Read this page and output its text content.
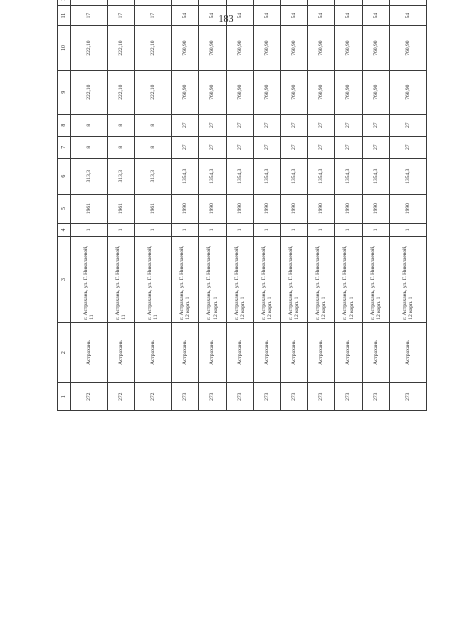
183
1	2	3	4	5	6	7	8	9	10	11			
272	Астрахань	г. Астрахань, ул. Г. Николаевой, 11	1	1961	313,3	8	8	222,10	222,10	17			
272	Астрахань	г. Астрахань, ул. Г. Николаевой, 11	1	1961	313,3	8	8	222,10	222,10	17			
272	Астрахань	г. Астрахань, ул. Г. Николаевой, 11	1	1961	313,3	8	8	222,10	222,10	17			
273	Астрахань	г. Астрахань, ул. Г. Николаевой, 12 корп. 1	1	1990	1354,3	27	27	760,90	760,90	54			
273	Астрахань	г. Астрахань, ул. Г. Николаевой, 12 корп. 1	1	1990	1354,3	27	27	760,90	760,90	54			
273	Астрахань	г. Астрахань, ул. Г. Николаевой, 12 корп. 1	1	1990	1354,3	27	27	760,90	760,90	54			
273	Астрахань	г. Астрахань, ул. Г. Николаевой, 12 корп. 1	1	1990	1354,3	27	27	760,90	760,90	54			
273	Астрахань	г. Астрахань, ул. Г. Николаевой, 12 корп. 1	1	1990	1354,3	27	27	760,90	760,90	54			
273	Астрахань	г. Астрахань, ул. Г. Николаевой, 12 корп. 1	1	1990	1354,3	27	27	760,90	760,90	54			
273	Астрахань	г. Астрахань, ул. Г. Николаевой, 12 корп. 1	1	1990	1354,3	27	27	760,90	760,90	54			
273	Астрахань	г. Астрахань, ул. Г. Николаевой, 12 корп. 1	1	1990	1354,3	27	27	760,90	760,90	54			
273	Астрахань	г. Астрахань, ул. Г. Николаевой, 12 корп. 1	1	1990	1354,3	27	27	760,90	760,90	54			
